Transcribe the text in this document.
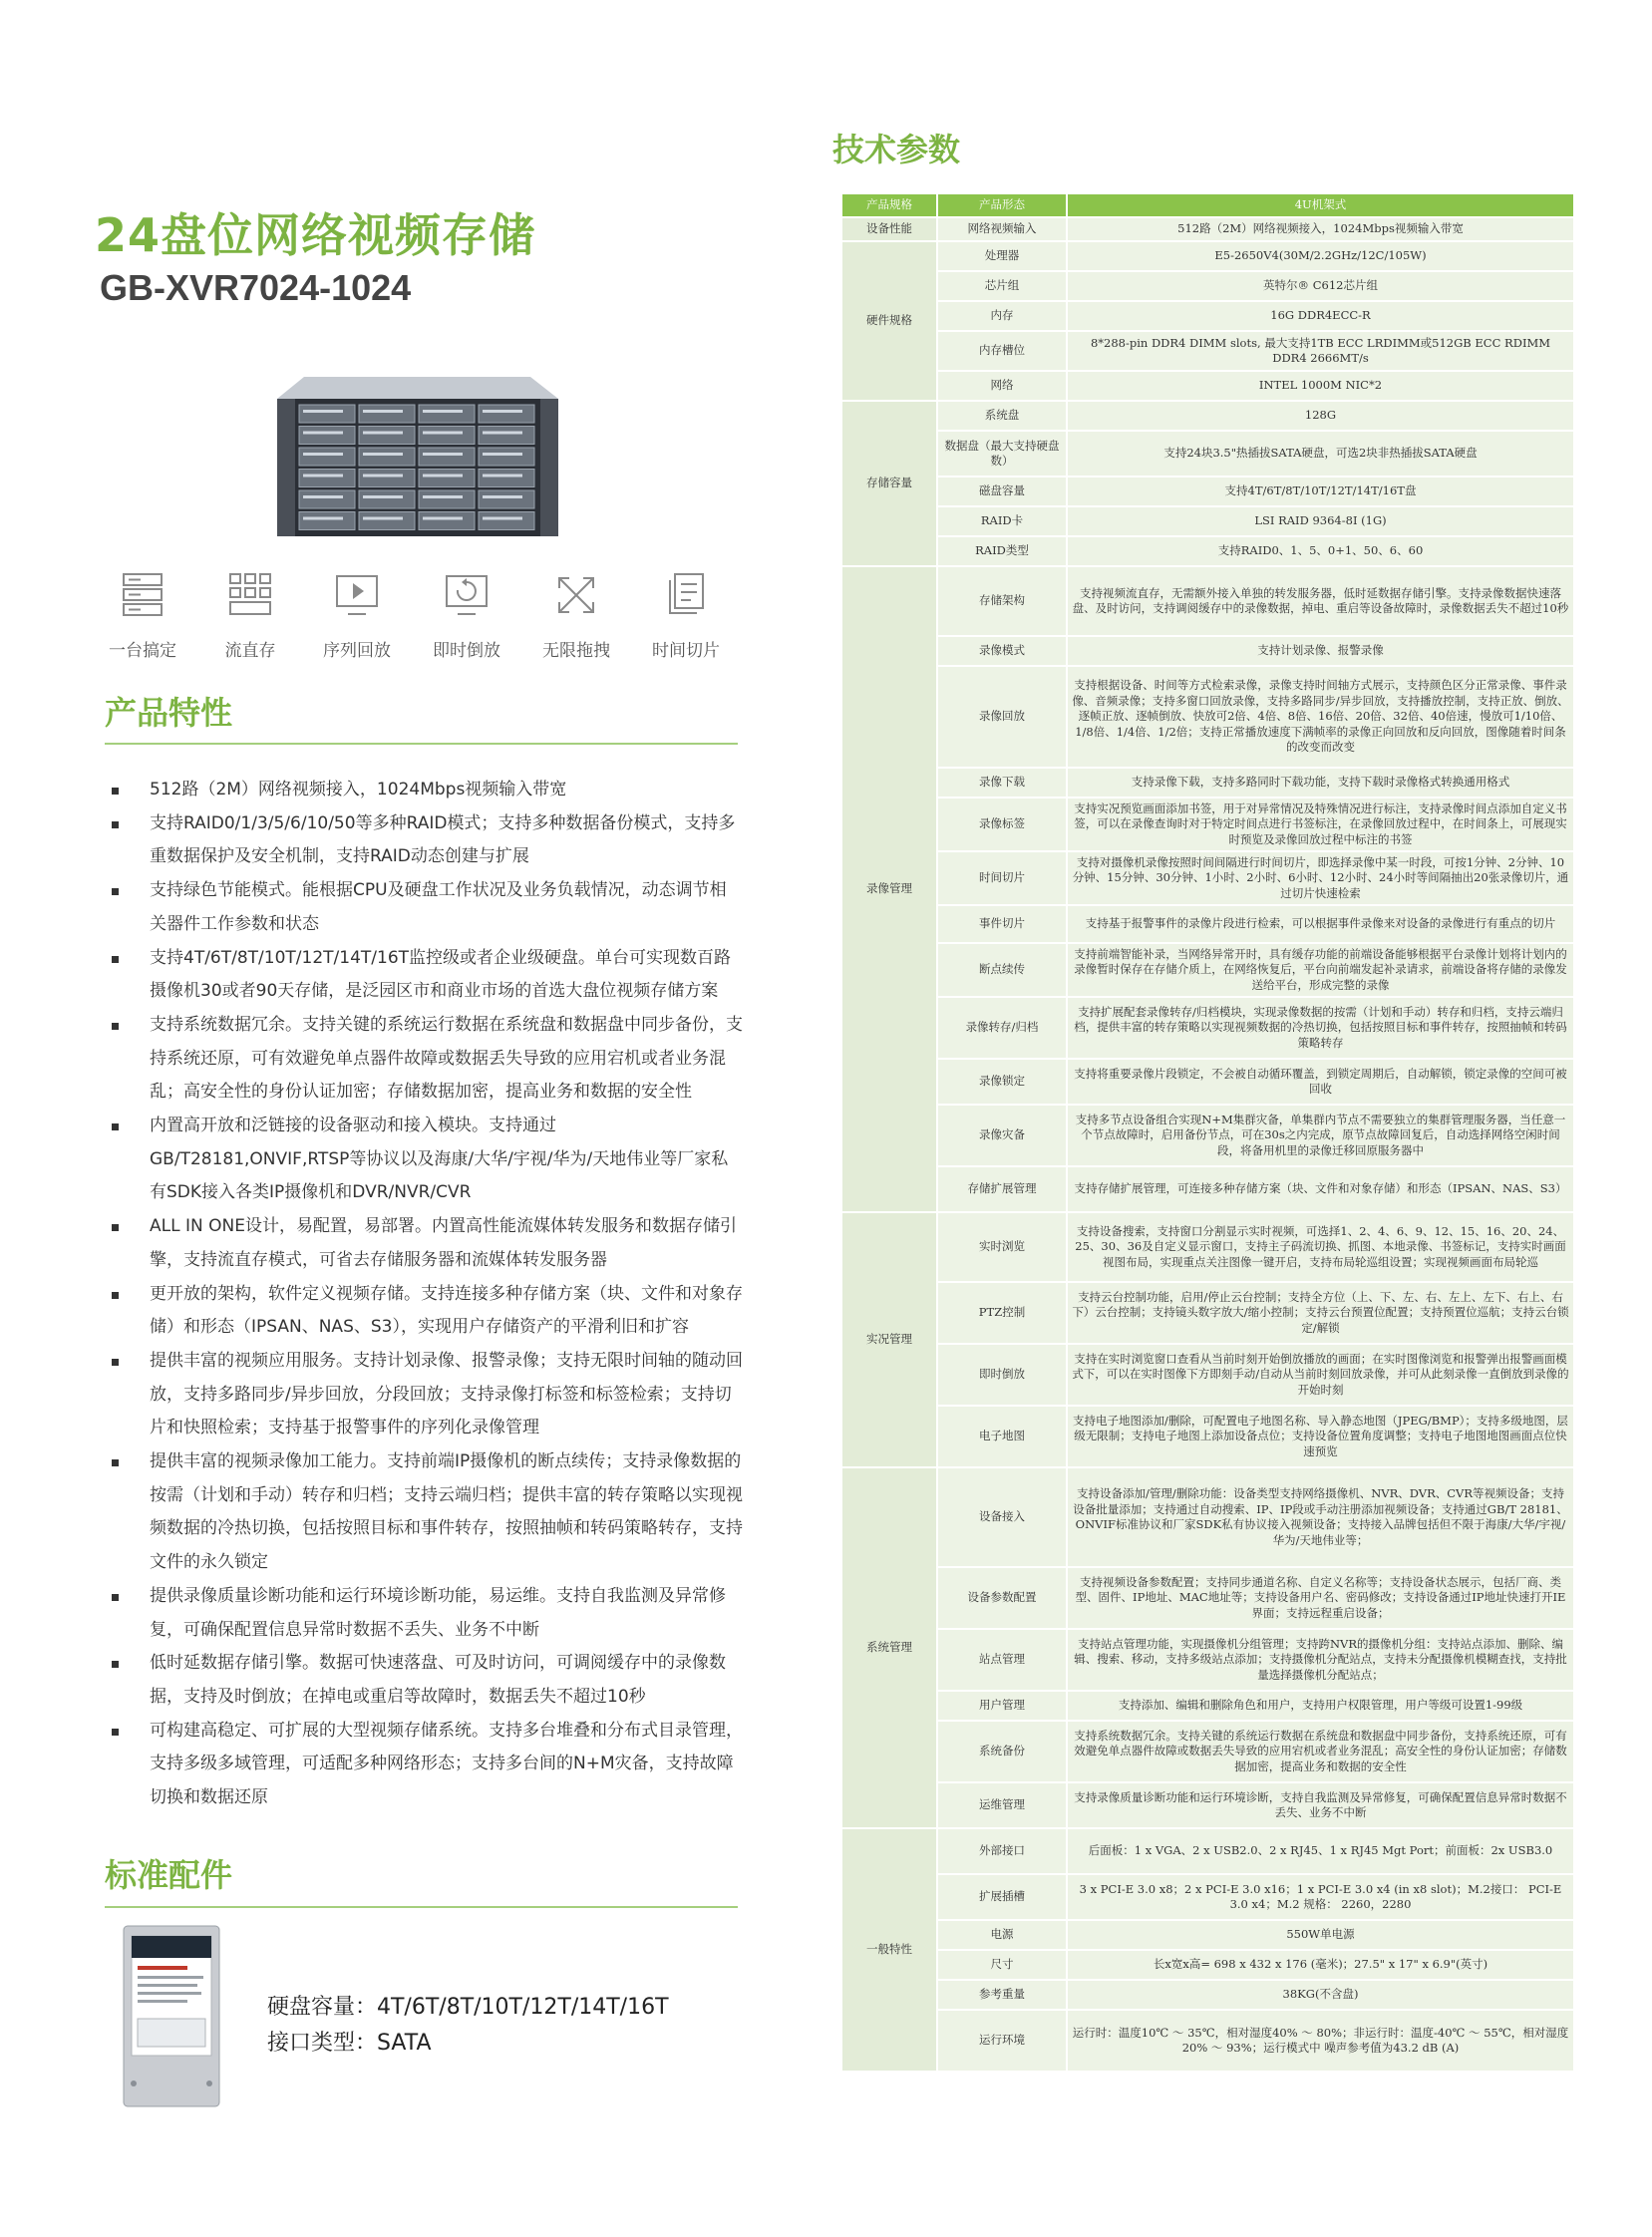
24盘位网络视频存储
GB-XVR7024-1024
一台搞定	流直存	序列回放	即时倒放	无限拖拽	时间切片
产品特性
512路（2M）网络视频接入，1024Mbps视频输入带宽
支持RAID0/1/3/5/6/10/50等多种RAID模式；支持多种数据备份模式，支持多重数据保护及安全机制，支持RAID动态创建与扩展
支持绿色节能模式。能根据CPU及硬盘工作状况及业务负载情况，动态调节相关器件工作参数和状态
支持4T/6T/8T/10T/12T/14T/16T监控级或者企业级硬盘。单台可实现数百路摄像机30或者90天存储，是泛园区市和商业市场的首选大盘位视频存储方案
支持系统数据冗余。支持关键的系统运行数据在系统盘和数据盘中同步备份，支持系统还原，可有效避免单点器件故障或数据丢失导致的应用宕机或者业务混乱；高安全性的身份认证加密；存储数据加密，提高业务和数据的安全性
内置高开放和泛链接的设备驱动和接入模块。支持通过GB/T28181,ONVIF,RTSP等协议以及海康/大华/宇视/华为/天地伟业等厂家私有SDK接入各类IP摄像机和DVR/NVR/CVR
ALL IN ONE设计，易配置，易部署。内置高性能流媒体转发服务和数据存储引擎，支持流直存模式，可省去存储服务器和流媒体转发服务器
更开放的架构，软件定义视频存储。支持连接多种存储方案（块、文件和对象存储）和形态（IPSAN、NAS、S3），实现用户存储资产的平滑利旧和扩容
提供丰富的视频应用服务。支持计划录像、报警录像；支持无限时间轴的随动回放，支持多路同步/异步回放，分段回放；支持录像打标签和标签检索；支持切片和快照检索；支持基于报警事件的序列化录像管理
提供丰富的视频录像加工能力。支持前端IP摄像机的断点续传；支持录像数据的按需（计划和手动）转存和归档；支持云端归档；提供丰富的转存策略以实现视频数据的冷热切换，包括按照目标和事件转存，按照抽帧和转码策略转存，支持文件的永久锁定
提供录像质量诊断功能和运行环境诊断功能，易运维。支持自我监测及异常修复，可确保配置信息异常时数据不丢失、业务不中断
低时延数据存储引擎。数据可快速落盘、可及时访问，可调阅缓存中的录像数据，支持及时倒放；在掉电或重启等故障时，数据丢失不超过10秒
可构建高稳定、可扩展的大型视频存储系统。支持多台堆叠和分布式目录管理，支持多级多域管理，可适配多种网络形态；支持多台间的N+M灾备，支持故障切换和数据还原
标准配件
硬盘容量：4T/6T/8T/10T/12T/14T/16T
接口类型：SATA
技术参数
产品规格	产品形态	4U机架式
设备性能	网络视频输入	512路（2M）网络视频接入，1024Mbps视频输入带宽
硬件规格	处理器	E5-2650V4(30M/2.2GHz/12C/105W)
	芯片组	英特尔® C612芯片组
	内存	16G DDR4ECC-R
	内存槽位	8*288-pin DDR4 DIMM slots, 最大支持1TB ECC LRDIMM或512GB ECC RDIMM DDR4 2666MT/s
	网络	INTEL 1000M NIC*2
存储容量	系统盘	128G
	数据盘（最大支持硬盘数）	支持24块3.5"热插拔SATA硬盘，可选2块非热插拔SATA硬盘
	磁盘容量	支持4T/6T/8T/10T/12T/14T/16T盘
	RAID卡	LSI RAID 9364-8I (1G)
	RAID类型	支持RAID0、1、5、0+1、50、6、60
录像管理	存储架构	支持视频流直存，无需额外接入单独的转发服务器，低时延数据存储引擎。支持录像数据快速落盘、及时访问，支持调阅缓存中的录像数据，掉电、重启等设备故障时，录像数据丢失不超过10秒
	录像模式	支持计划录像、报警录像
	录像回放	支持根据设备、时间等方式检索录像，录像支持时间轴方式展示，支持颜色区分正常录像、事件录像、音频录像；支持多窗口回放录像，支持多路同步/异步回放，支持播放控制，支持正放、倒放、逐帧正放、逐帧倒放、快放可2倍、4倍、8倍、16倍、20倍、32倍、40倍速，慢放可1/10倍、1/8倍、1/4倍、1/2倍；支持正常播放速度下满帧率的录像正向回放和反向回放，图像随着时间条的改变而改变
	录像下载	支持录像下载，支持多路同时下载功能，支持下载时录像格式转换通用格式
	录像标签	支持实况预览画面添加书签，用于对异常情况及特殊情况进行标注，支持录像时间点添加自定义书签，可以在录像查询时对于特定时间点进行书签标注，在录像回放过程中，在时间条上，可展现实时预览及录像回放过程中标注的书签
	时间切片	支持对摄像机录像按照时间间隔进行时间切片，即选择录像中某一时段，可按1分钟、2分钟、10分钟、15分钟、30分钟、1小时、2小时、6小时、12小时、24小时等间隔抽出20张录像切片，通过切片快速检索
	事件切片	支持基于报警事件的录像片段进行检索，可以根据事件录像来对设备的录像进行有重点的切片
	断点续传	支持前端智能补录，当网络异常开时，具有缓存功能的前端设备能够根据平台录像计划将计划内的录像暂时保存在存储介质上，在网络恢复后，平台向前端发起补录请求，前端设备将存储的录像发送给平台，形成完整的录像
	录像转存/归档	支持扩展配套录像转存/归档模块，实现录像数据的按需（计划和手动）转存和归档，支持云端归档，提供丰富的转存策略以实现视频数据的冷热切换，包括按照目标和事件转存，按照抽帧和转码策略转存
	录像锁定	支持将重要录像片段锁定，不会被自动循环覆盖，到锁定周期后，自动解锁，锁定录像的空间可被回收
	录像灾备	支持多节点设备组合实现N+M集群灾备，单集群内节点不需要独立的集群管理服务器，当任意一个节点故障时，启用备份节点，可在30s之内完成，原节点故障回复后，自动选择网络空闲时间段，将备用机里的录像迁移回原服务器中
	存储扩展管理	支持存储扩展管理，可连接多种存储方案（块、文件和对象存储）和形态（IPSAN、NAS、S3）
实况管理	实时浏览	支持设备搜索，支持窗口分割显示实时视频，可选择1、2、4、6、9、12、15、16、20、24、25、30、36及自定义显示窗口，支持主子码流切换、抓图、本地录像、书签标记，支持实时画面视图布局，实现重点关注图像一键开启，支持布局轮巡组设置；实现视频画面布局轮巡
	PTZ控制	支持云台控制功能，启用/停止云台控制；支持全方位（上、下、左、右、左上、左下、右上、右下）云台控制；支持镜头数字放大/缩小控制；支持云台预置位配置；支持预置位巡航；支持云台锁定/解锁
	即时倒放	支持在实时浏览窗口查看从当前时刻开始倒放播放的画面；在实时图像浏览和报警弹出报警画面模式下，可以在实时图像下方即刻手动/自动从当前时刻回放录像，并可从此刻录像一直倒放到录像的开始时刻
	电子地图	支持电子地图添加/删除，可配置电子地图名称、导入静态地图（JPEG/BMP）；支持多级地图，层级无限制；支持电子地图上添加设备点位；支持设备位置角度调整；支持电子地图地图画面点位快速预览
系统管理	设备接入	支持设备添加/管理/删除功能：设备类型支持网络摄像机、NVR、DVR、CVR等视频设备；支持设备批量添加；支持通过自动搜索、IP、IP段或手动注册添加视频设备；支持通过GB/T 28181、ONVIF标准协议和厂家SDK私有协议接入视频设备；支持接入品牌包括但不限于海康/大华/宇视/华为/天地伟业等；
	设备参数配置	支持视频设备参数配置；支持同步通道名称、自定义名称等；支持设备状态展示，包括厂商、类型、固件、IP地址、MAC地址等；支持设备用户名、密码修改；支持设备通过IP地址快速打开IE界面；支持远程重启设备；
	站点管理	支持站点管理功能，实现摄像机分组管理；支持跨NVR的摄像机分组：支持站点添加、删除、编辑、搜索、移动，支持多级站点添加；支持摄像机分配站点，支持未分配摄像机模糊查找，支持批量选择摄像机分配站点；
	用户管理	支持添加、编辑和删除角色和用户，支持用户权限管理，用户等级可设置1-99级
	系统备份	支持系统数据冗余。支持关键的系统运行数据在系统盘和数据盘中同步备份，支持系统还原，可有效避免单点器件故障或数据丢失导致的应用宕机或者业务混乱；高安全性的身份认证加密；存储数据加密，提高业务和数据的安全性
	运维管理	支持录像质量诊断功能和运行环境诊断，支持自我监测及异常修复，可确保配置信息异常时数据不丢失、业务不中断
一般特性	外部接口	后面板：1 x VGA、2 x USB2.0、2 x RJ45、1 x RJ45 Mgt Port；前面板：2x USB3.0
	扩展插槽	3 x PCI-E 3.0 x8；2 x PCI-E 3.0 x16；1 x PCI-E 3.0 x4 (in x8 slot)；M.2接口： PCI-E 3.0 x4；M.2 规格： 2260，2280
	电源	550W单电源
	尺寸	长x宽x高= 698 x 432 x 176 (毫米)；27.5" x 17" x 6.9"(英寸)
	参考重量	38KG(不含盘)
	运行环境	运行时：温度10℃ ～ 35℃，相对湿度40% ～ 80%；非运行时：温度-40℃ ～ 55℃，相对湿度20% ～ 93%；运行模式中 噪声参考值为43.2 dB (A)
